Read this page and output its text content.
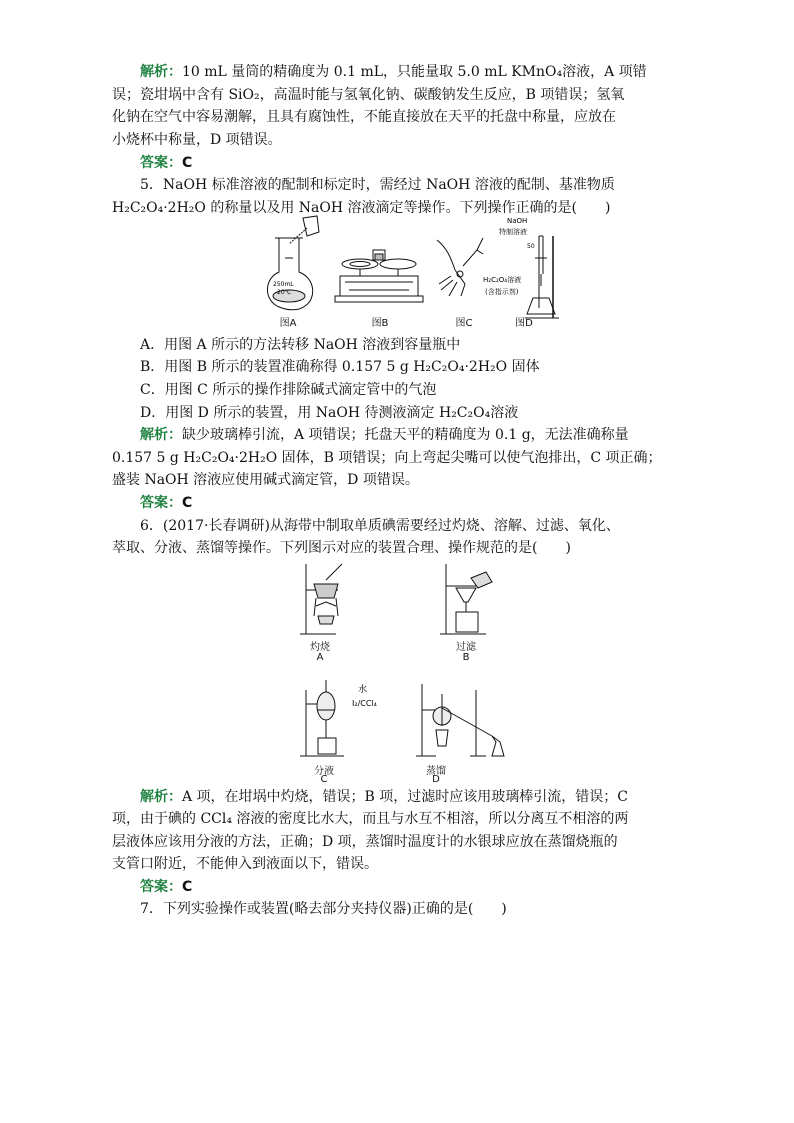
解析：10 mL 量筒的精确度为 0.1 mL，只能量取 5.0 mL KMnO₄溶液，A 项错
误；瓷坩埚中含有 SiO₂，高温时能与氢氧化钠、碳酸钠发生反应，B 项错误；氢氧
化钠在空气中容易潮解，且具有腐蚀性，不能直接放在天平的托盘中称量，应放在
小烧杯中称量，D 项错误。
答案：C
5．NaOH 标准溶液的配制和标定时，需经过 NaOH 溶液的配制、基准物质
H₂C₂O₄·2H₂O 的称量以及用 NaOH 溶液滴定等操作。下列操作正确的是(　　)
250mL
20℃
NaOH
特制溶液
50
H₂C₂O₄溶液
(含指示剂)
图A	图B	图C	图D
A．用图 A 所示的方法转移 NaOH 溶液到容量瓶中
B．用图 B 所示的装置准确称得 0.157 5 g H₂C₂O₄·2H₂O 固体
C．用图 C 所示的操作排除碱式滴定管中的气泡
D．用图 D 所示的装置，用 NaOH 待测液滴定 H₂C₂O₄溶液
解析：缺少玻璃棒引流，A 项错误；托盘天平的精确度为 0.1 g，无法准确称量
0.157 5 g H₂C₂O₄·2H₂O 固体，B 项错误；向上弯起尖嘴可以使气泡排出，C 项正确；
盛装 NaOH 溶液应使用碱式滴定管，D 项错误。
答案：C
6．(2017·长春调研)从海带中制取单质碘需要经过灼烧、溶解、过滤、氧化、
萃取、分液、蒸馏等操作。下列图示对应的装置合理、操作规范的是(　　)
水
I₂/CCl₄
灼烧
A
过滤
B
分液
C
蒸馏
D
解析：A 项，在坩埚中灼烧，错误；B 项，过滤时应该用玻璃棒引流，错误；C
项，由于碘的 CCl₄ 溶液的密度比水大，而且与水互不相溶，所以分离互不相溶的两
层液体应该用分液的方法，正确；D 项，蒸馏时温度计的水银球应放在蒸馏烧瓶的
支管口附近，不能伸入到液面以下，错误。
答案：C
7．下列实验操作或装置(略去部分夹持仪器)正确的是(　　)
